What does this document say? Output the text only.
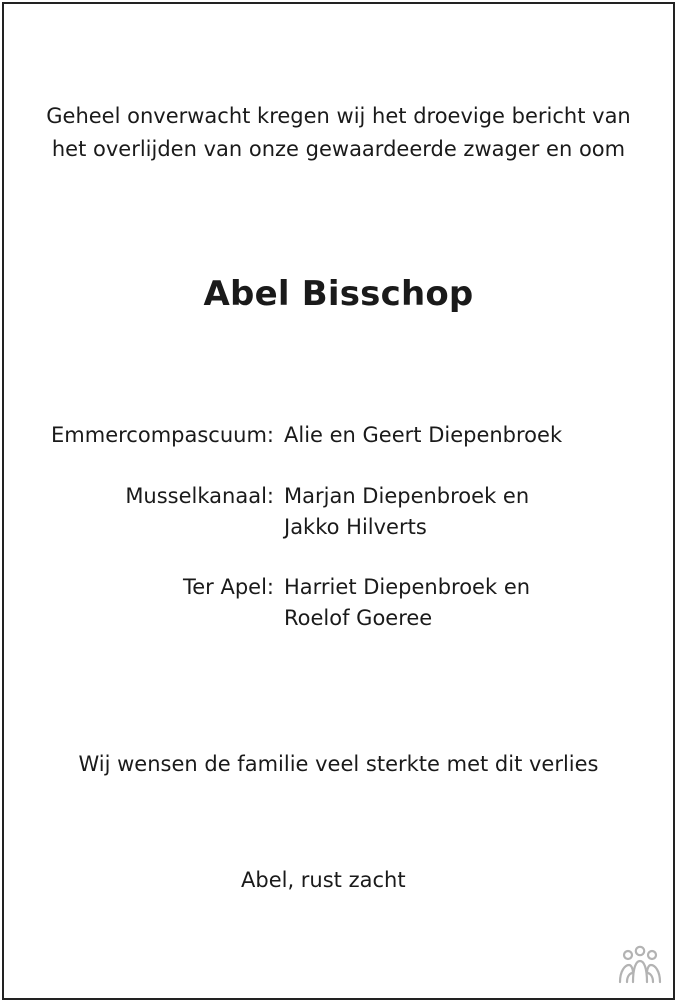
Geheel onverwacht kregen wij het droevige bericht van
het overlijden van onze gewaardeerde zwager en oom
Abel Bisschop
Emmercompascuum: Alie en Geert Diepenbroek
Musselkanaal: Marjan Diepenbroek en
Jakko Hilverts
Ter Apel: Harriet Diepenbroek en
Roelof Goeree
Wij wensen de familie veel sterkte met dit verlies
Abel, rust zacht
